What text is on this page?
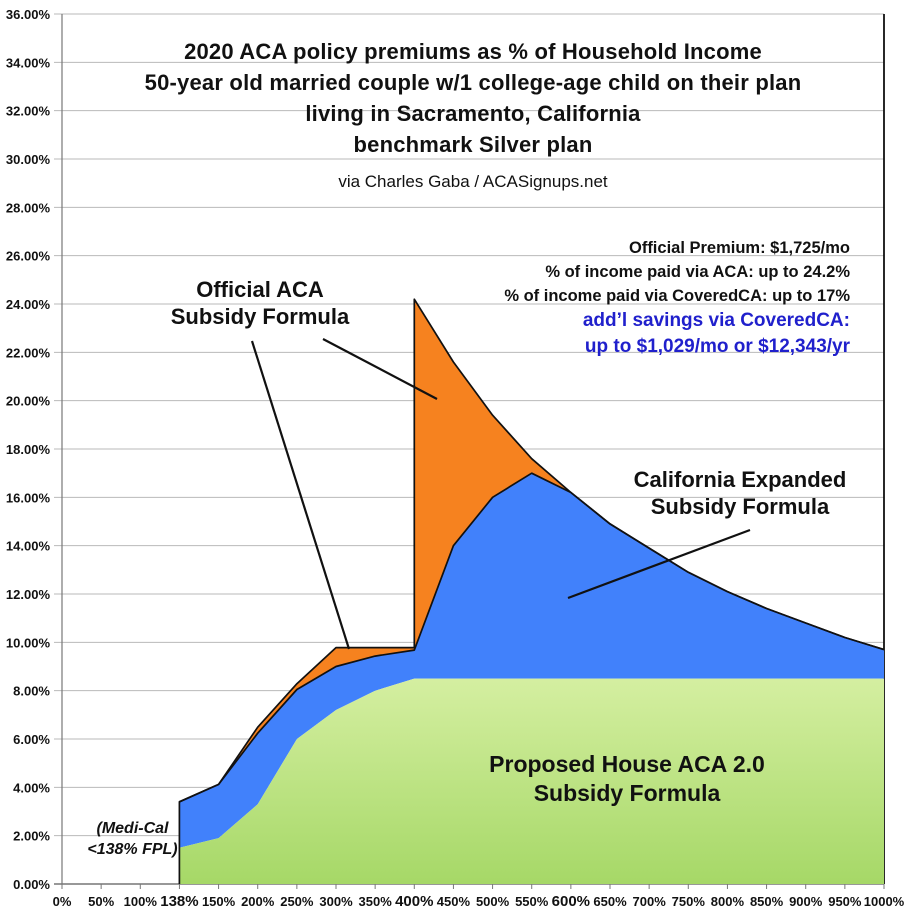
0.00%
2.00%
4.00%
6.00%
8.00%
10.00%
12.00%
14.00%
16.00%
18.00%
20.00%
22.00%
24.00%
26.00%
28.00%
30.00%
32.00%
34.00%
36.00%
0% 50% 100% 138% 150% 200% 250% 300% 350% 400% 450% 500% 550% 600% 650% 700% 750% 800% 850% 900% 950% 1000%
2020 ACA policy premiums as % of Household Income
50-year old married couple w/1 college-age child on their plan
living in Sacramento, California
benchmark Silver plan
via Charles Gaba / ACASignups.net
Official Premium: $1,725/mo
% of income paid via ACA: up to 24.2%
% of income paid via CoveredCA: up to 17%
add’l savings via CoveredCA:
up to $1,029/mo or $12,343/yr
Official ACA
Subsidy Formula
California Expanded
Subsidy Formula
Proposed House ACA 2.0
Subsidy Formula
(Medi-Cal
<138% FPL)
